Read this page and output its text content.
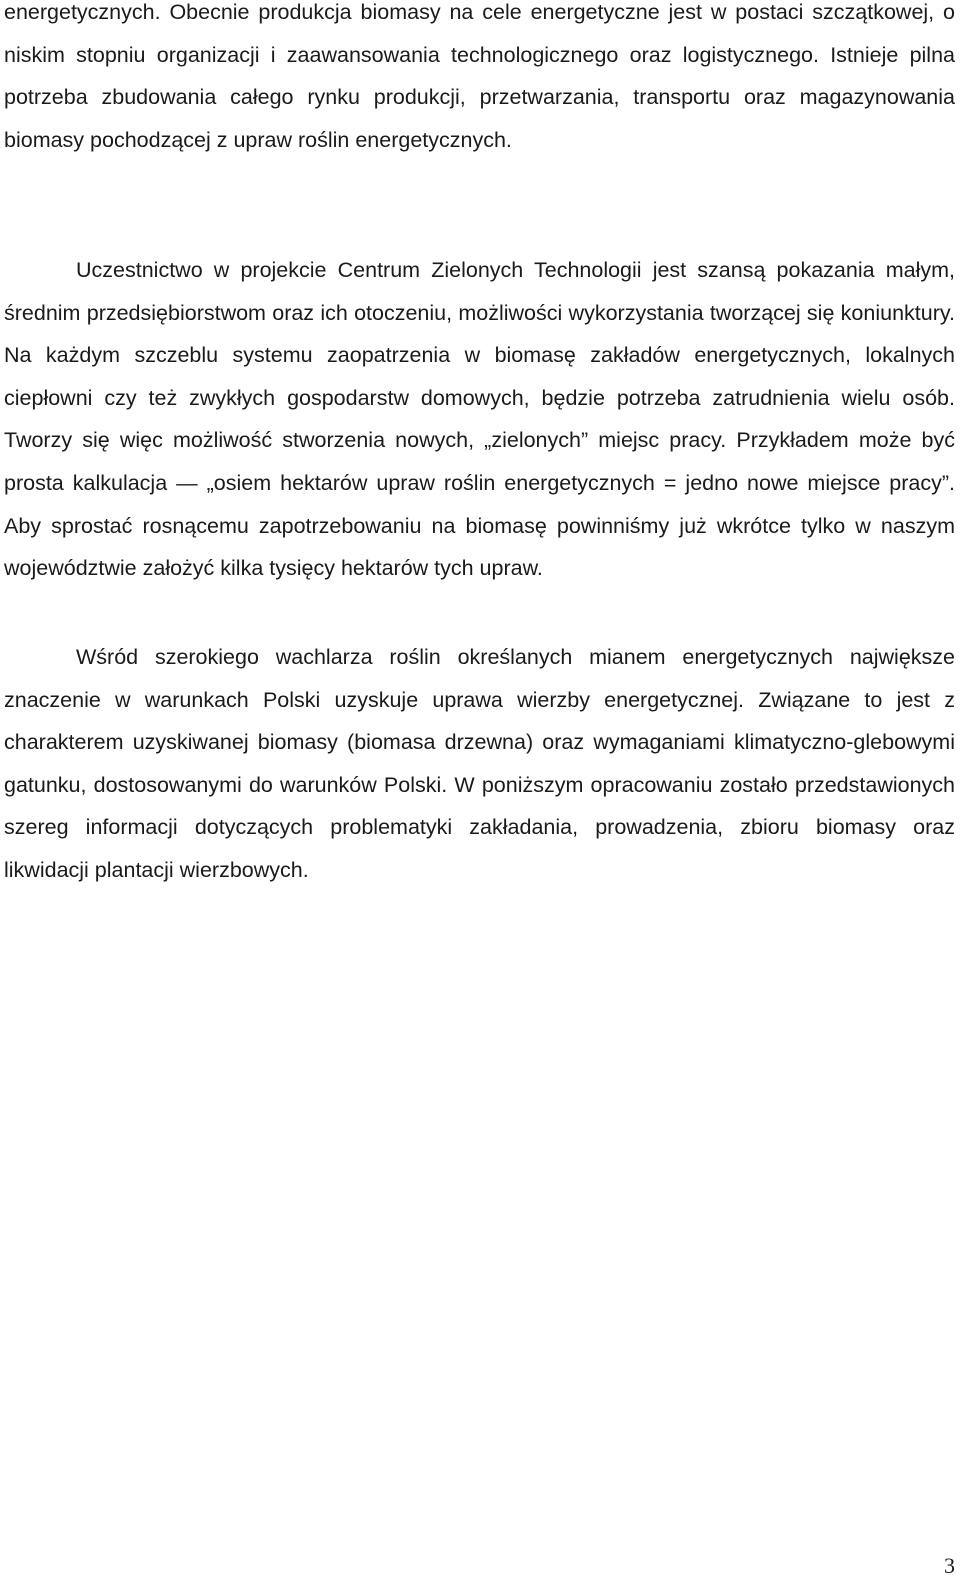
energetycznych. Obecnie produkcja biomasy na cele energetyczne jest w postaci szczątkowej, o niskim stopniu organizacji i zaawansowania technologicznego oraz logistycznego. Istnieje pilna potrzeba zbudowania całego rynku produkcji, przetwarzania, transportu oraz magazynowania biomasy pochodzącej z upraw roślin energetycznych.

Uczestnictwo w projekcie Centrum Zielonych Technologii jest szansą pokazania małym, średnim przedsiębiorstwom oraz ich otoczeniu, możliwości wykorzystania tworzącej się koniunktury. Na każdym szczeblu systemu zaopatrzenia w biomasę zakładów energetycznych, lokalnych ciepłowni czy też zwykłych gospodarstw domowych, będzie potrzeba zatrudnienia wielu osób. Tworzy się więc możliwość stworzenia nowych, „zielonych” miejsc pracy. Przykładem może być prosta kalkulacja — „osiem hektarów upraw roślin energetycznych = jedno nowe miejsce pracy”. Aby sprostać rosnącemu zapotrzebowaniu na biomasę powinniśmy już wkrótce tylko w naszym województwie założyć kilka tysięcy hektarów tych upraw.

Wśród szerokiego wachlarza roślin określanych mianem energetycznych największe znaczenie w warunkach Polski uzyskuje uprawa wierzby energetycznej. Związane to jest z charakterem uzyskiwanej biomasy (biomasa drzewna) oraz wymaganiami klimatyczno-glebowymi gatunku, dostosowanymi do warunków Polski. W poniższym opracowaniu zostało przedstawionych szereg informacji dotyczących problematyki zakładania, prowadzenia, zbioru biomasy oraz likwidacji plantacji wierzbowych.

3
